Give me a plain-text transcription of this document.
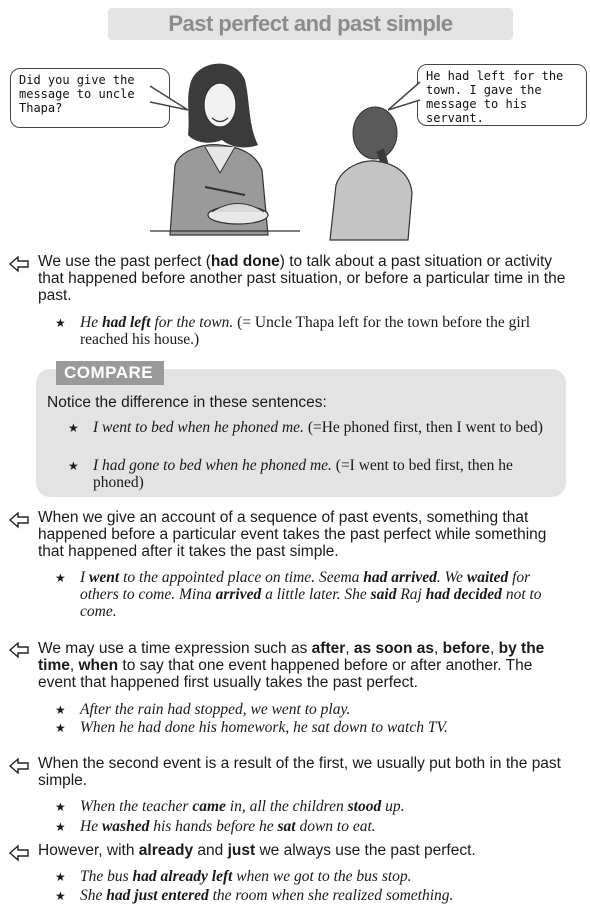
Past perfect and past simple
Did you give the
message to uncle
Thapa?
He had left for the
town. I gave the
message to his servant.
We use the past perfect (had done) to talk about a past situation or activity that happened before another past situation, or before a particular time in the past.
★ He had left for the town. (= Uncle Thapa left for the town before the girl reached his house.)
COMPARE
Notice the difference in these sentences:
★ I went to bed when he phoned me. (=He phoned first, then I went to bed)
★ I had gone to bed when he phoned me. (=I went to bed first, then he phoned)
When we give an account of a sequence of past events, something that happened before a particular event takes the past perfect while something that happened after it takes the past simple.
★ I went to the appointed place on time. Seema had arrived. We waited for others to come. Mina arrived a little later. She said Raj had decided not to come.
We may use a time expression such as after, as soon as, before, by the time, when to say that one event happened before or after another. The event that happened first usually takes the past perfect.
★ After the rain had stopped, we went to play.
★ When he had done his homework, he sat down to watch TV.
When the second event is a result of the first, we usually put both in the past simple.
★ When the teacher came in, all the children stood up.
★ He washed his hands before he sat down to eat.
However, with already and just we always use the past perfect.
★ The bus had already left when we got to the bus stop.
★ She had just entered the room when she realized something.
